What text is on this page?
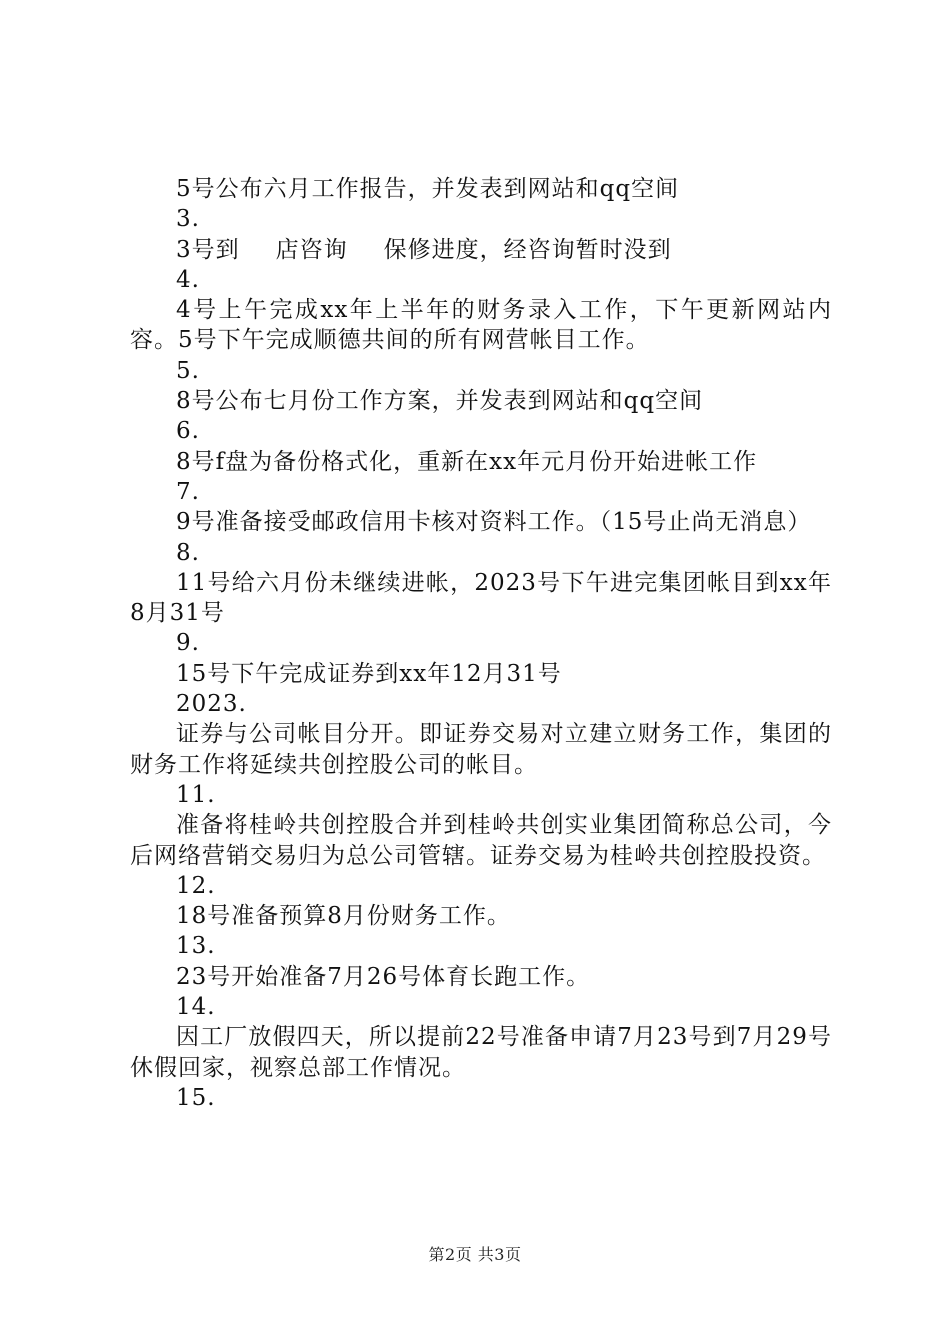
5号公布六月工作报告，并发表到网站和qq空间
3.
3号到 店咨询 保修进度，经咨询暂时没到
4.
4号上午完成xx年上半年的财务录入工作，下午更新网站内容。5号下午完成顺德共间的所有网营帐目工作。
5.
8号公布七月份工作方案，并发表到网站和qq空间
6.
8号f盘为备份格式化，重新在xx年元月份开始进帐工作
7.
9号准备接受邮政信用卡核对资料工作。（15号止尚无消息）
8.
11号给六月份未继续进帐，2023号下午进完集团帐目到xx年8月31号
9.
15号下午完成证券到xx年12月31号
2023.
证券与公司帐目分开。即证券交易对立建立财务工作，集团的财务工作将延续共创控股公司的帐目。
11.
准备将桂岭共创控股合并到桂岭共创实业集团简称总公司，今后网络营销交易归为总公司管辖。证券交易为桂岭共创控股投资。
12.
18号准备预算8月份财务工作。
13.
23号开始准备7月26号体育长跑工作。
14.
因工厂放假四天，所以提前22号准备申请7月23号到7月29号休假回家，视察总部工作情况。
15.
第2页 共3页
